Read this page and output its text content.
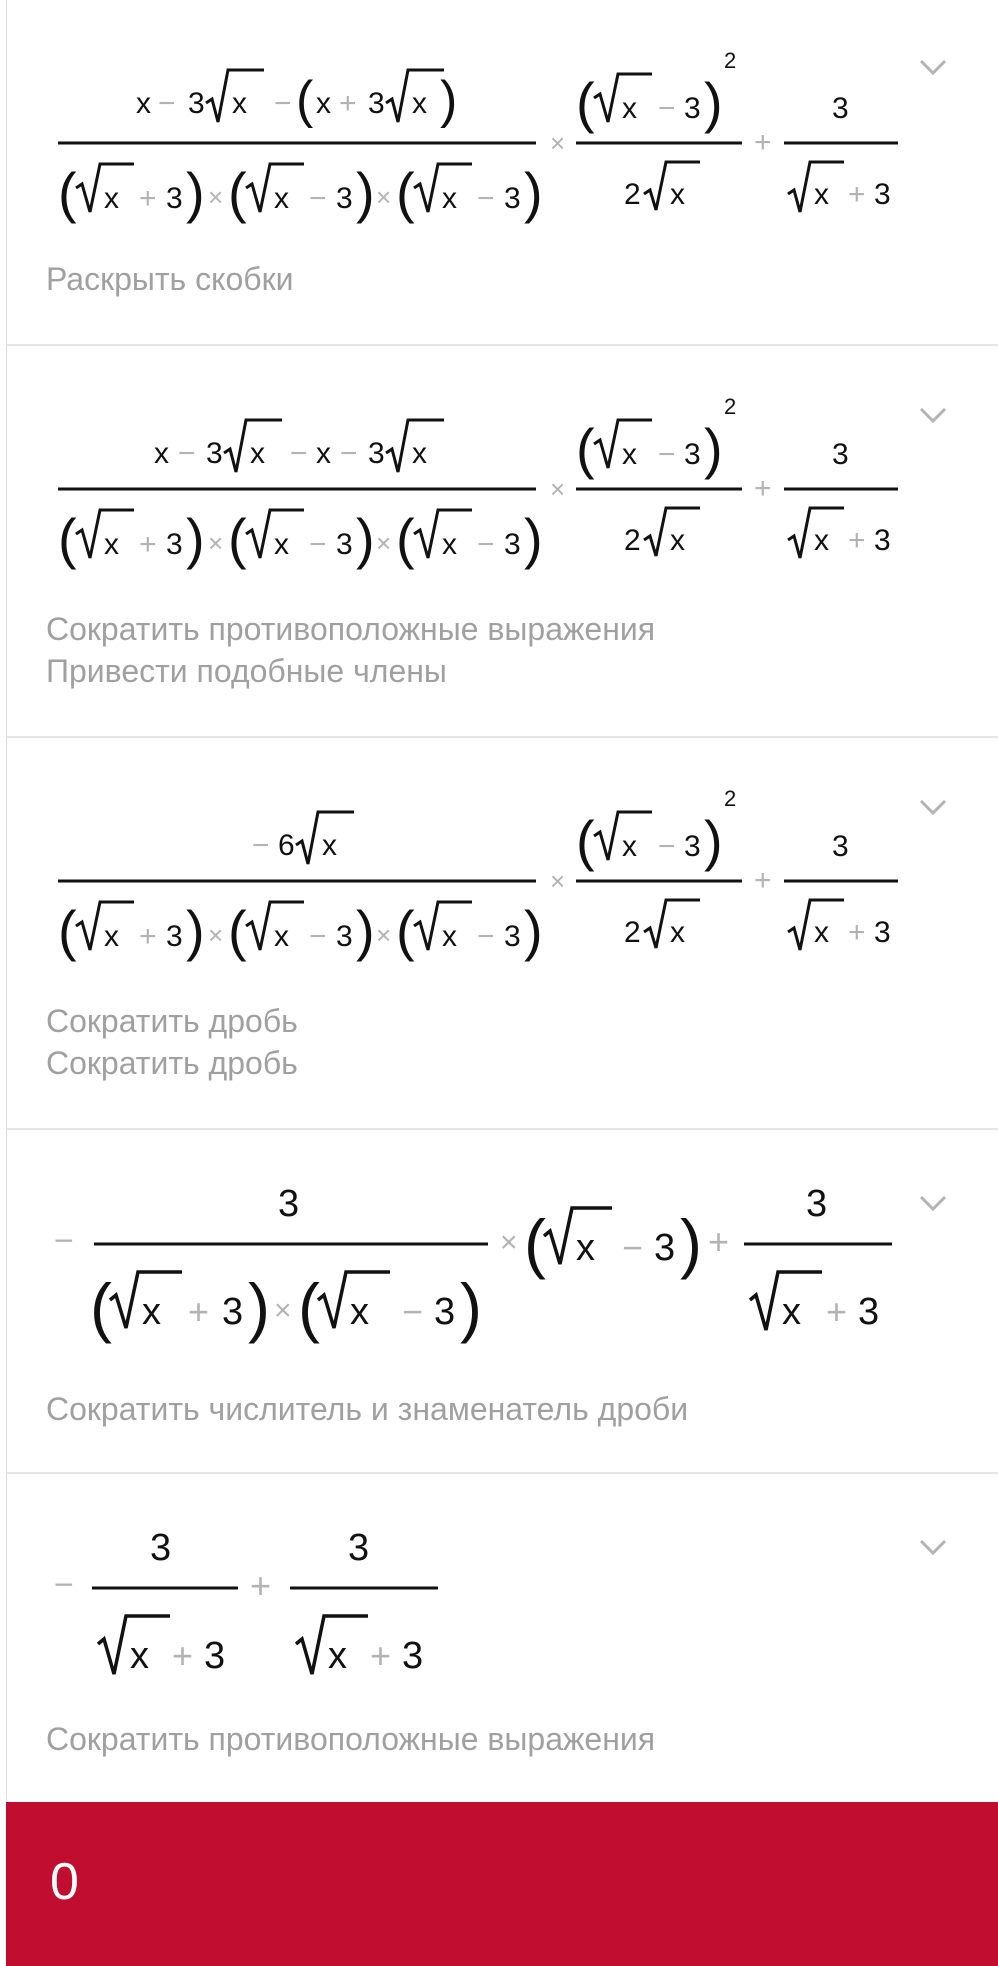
x − 3 x − ( x + 3 x )
( x + 3 ) × ( x − 3 ) × ( x − 3 )
×
( x − 3 )
2
2 x
+
3
x + 3
Раскрыть скобки
x − 3 x − x − 3 x
( x + 3 ) × ( x − 3 ) × ( x − 3 )
×
( x − 3 )
2
2 x
+
3
x + 3
Сократить противоположные выражения
Привести подобные члены
− 6 x
( x + 3 ) × ( x − 3 ) × ( x − 3 )
×
( x − 3 )
2
2 x
+
3
x + 3
Сократить дробь
Сократить дробь
−
3
( x + 3 ) × ( x − 3 )
× ( x − 3 ) +
3
x + 3
Сократить числитель и знаменатель дроби
−
3
x + 3
+
3
x + 3
Сократить противоположные выражения
0
